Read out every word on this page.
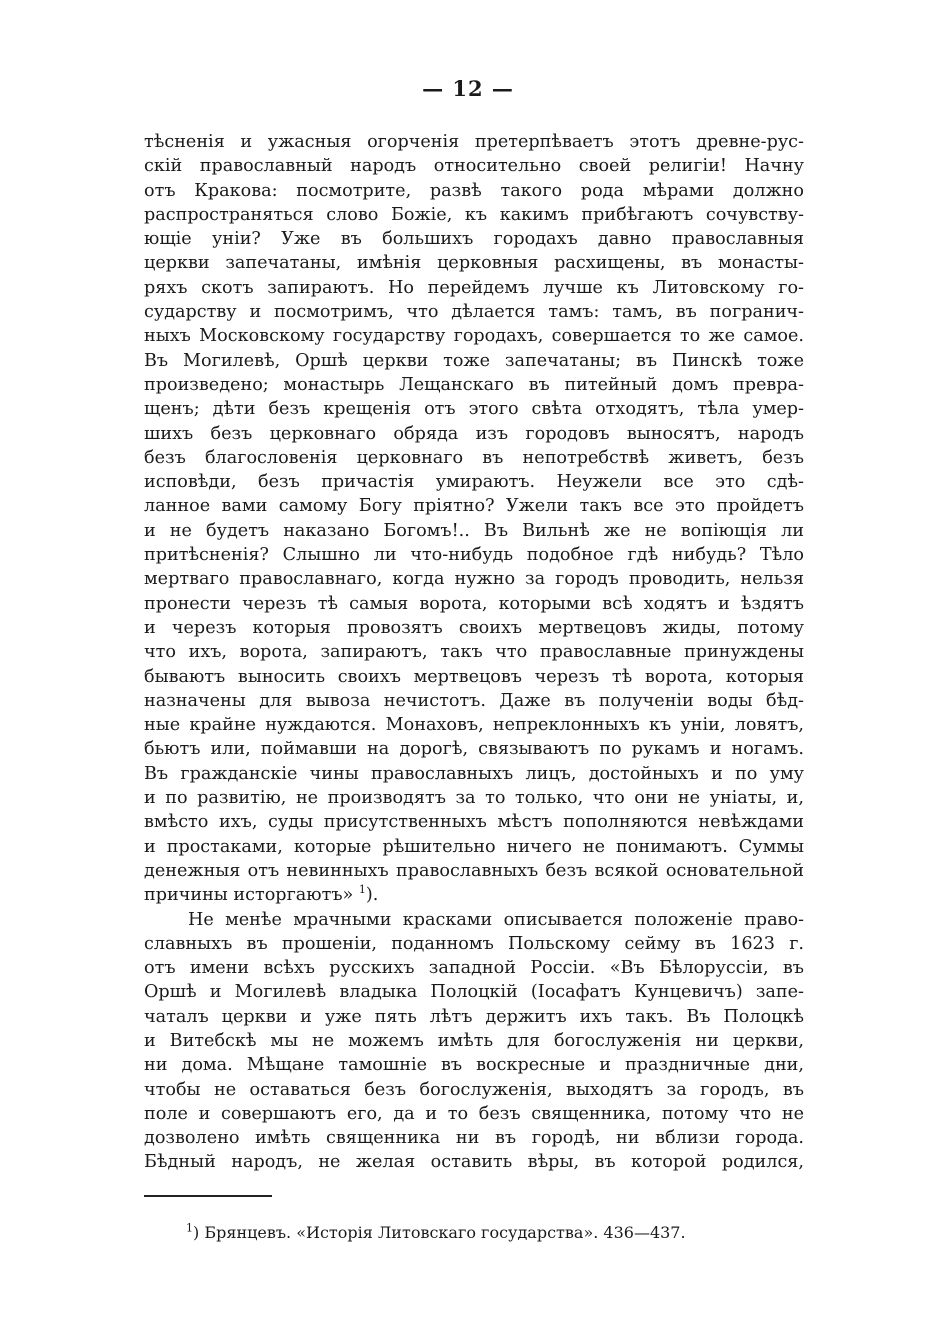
— 12 —
тѣсненія и ужасныя огорченія претерпѣваетъ этотъ древне-рус-
скій православный народъ относительно своей религіи! Начну
отъ Кракова: посмотрите, развѣ такого рода мѣрами должно
распространяться слово Божіе, къ какимъ прибѣгаютъ сочувству-
ющіе уніи? Уже въ большихъ городахъ давно православныя
церкви запечатаны, имѣнія церковныя расхищены, въ монасты-
ряхъ скотъ запираютъ. Но перейдемъ лучше къ Литовскому го-
сударству и посмотримъ, что дѣлается тамъ: тамъ, въ погранич-
ныхъ Московскому государству городахъ, совершается то же самое.
Въ Могилевѣ, Оршѣ церкви тоже запечатаны; въ Пинскѣ тоже
произведено; монастырь Лещанскаго въ питейный домъ превра-
щенъ; дѣти безъ крещенія отъ этого свѣта отходятъ, тѣла умер-
шихъ безъ церковнаго обряда изъ городовъ выносятъ, народъ
безъ благословенія церковнаго въ непотребствѣ живетъ, безъ
исповѣди, безъ причастія умираютъ. Неужели все это сдѣ-
ланное вами самому Богу пріятно? Ужели такъ все это пройдетъ
и не будетъ наказано Богомъ!.. Въ Вильнѣ же не вопіющія ли
притѣсненія? Слышно ли что-нибудь подобное гдѣ нибудь? Тѣло
мертваго православнаго, когда нужно за городъ проводить, нельзя
пронести черезъ тѣ самыя ворота, которыми всѣ ходятъ и ѣздятъ
и черезъ которыя провозятъ своихъ мертвецовъ жиды, потому
что ихъ, ворота, запираютъ, такъ что православные принуждены
бываютъ выносить своихъ мертвецовъ черезъ тѣ ворота, которыя
назначены для вывоза нечистотъ. Даже въ полученіи воды бѣд-
ные крайне нуждаются. Монаховъ, непреклонныхъ къ уніи, ловятъ,
бьютъ или, поймавши на дорогѣ, связываютъ по рукамъ и ногамъ.
Въ гражданскіе чины православныхъ лицъ, достойныхъ и по уму
и по развитію, не производятъ за то только, что они не уніаты, и,
вмѣсто ихъ, суды присутственныхъ мѣстъ пополняются невѣждами
и простаками, которые рѣшительно ничего не понимаютъ. Суммы
денежныя отъ невинныхъ православныхъ безъ всякой основательной
причины исторгаютъ» $^1$).
Не менѣе мрачными красками описывается положеніе право-
славныхъ въ прошеніи, поданномъ Польскому сейму въ 1623 г.
отъ имени всѣхъ русскихъ западной Россіи. «Въ Бѣлоруссіи, въ
Оршѣ и Могилевѣ владыка Полоцкій (Іосафатъ Кунцевичъ) запе-
чаталъ церкви и уже пять лѣтъ держитъ ихъ такъ. Въ Полоцкѣ
и Витебскѣ мы не можемъ имѣть для богослуженія ни церкви,
ни дома. Мѣщане тамошніе въ воскресные и праздничные дни,
чтобы не оставаться безъ богослуженія, выходятъ за городъ, въ
поле и совершаютъ его, да и то безъ священника, потому что не
дозволено имѣть священника ни въ городѣ, ни вблизи города.
Бѣдный народъ, не желая оставить вѣры, въ которой родился,
$^1$) Брянцевъ. «Исторія Литовскаго государства». 436—437.
